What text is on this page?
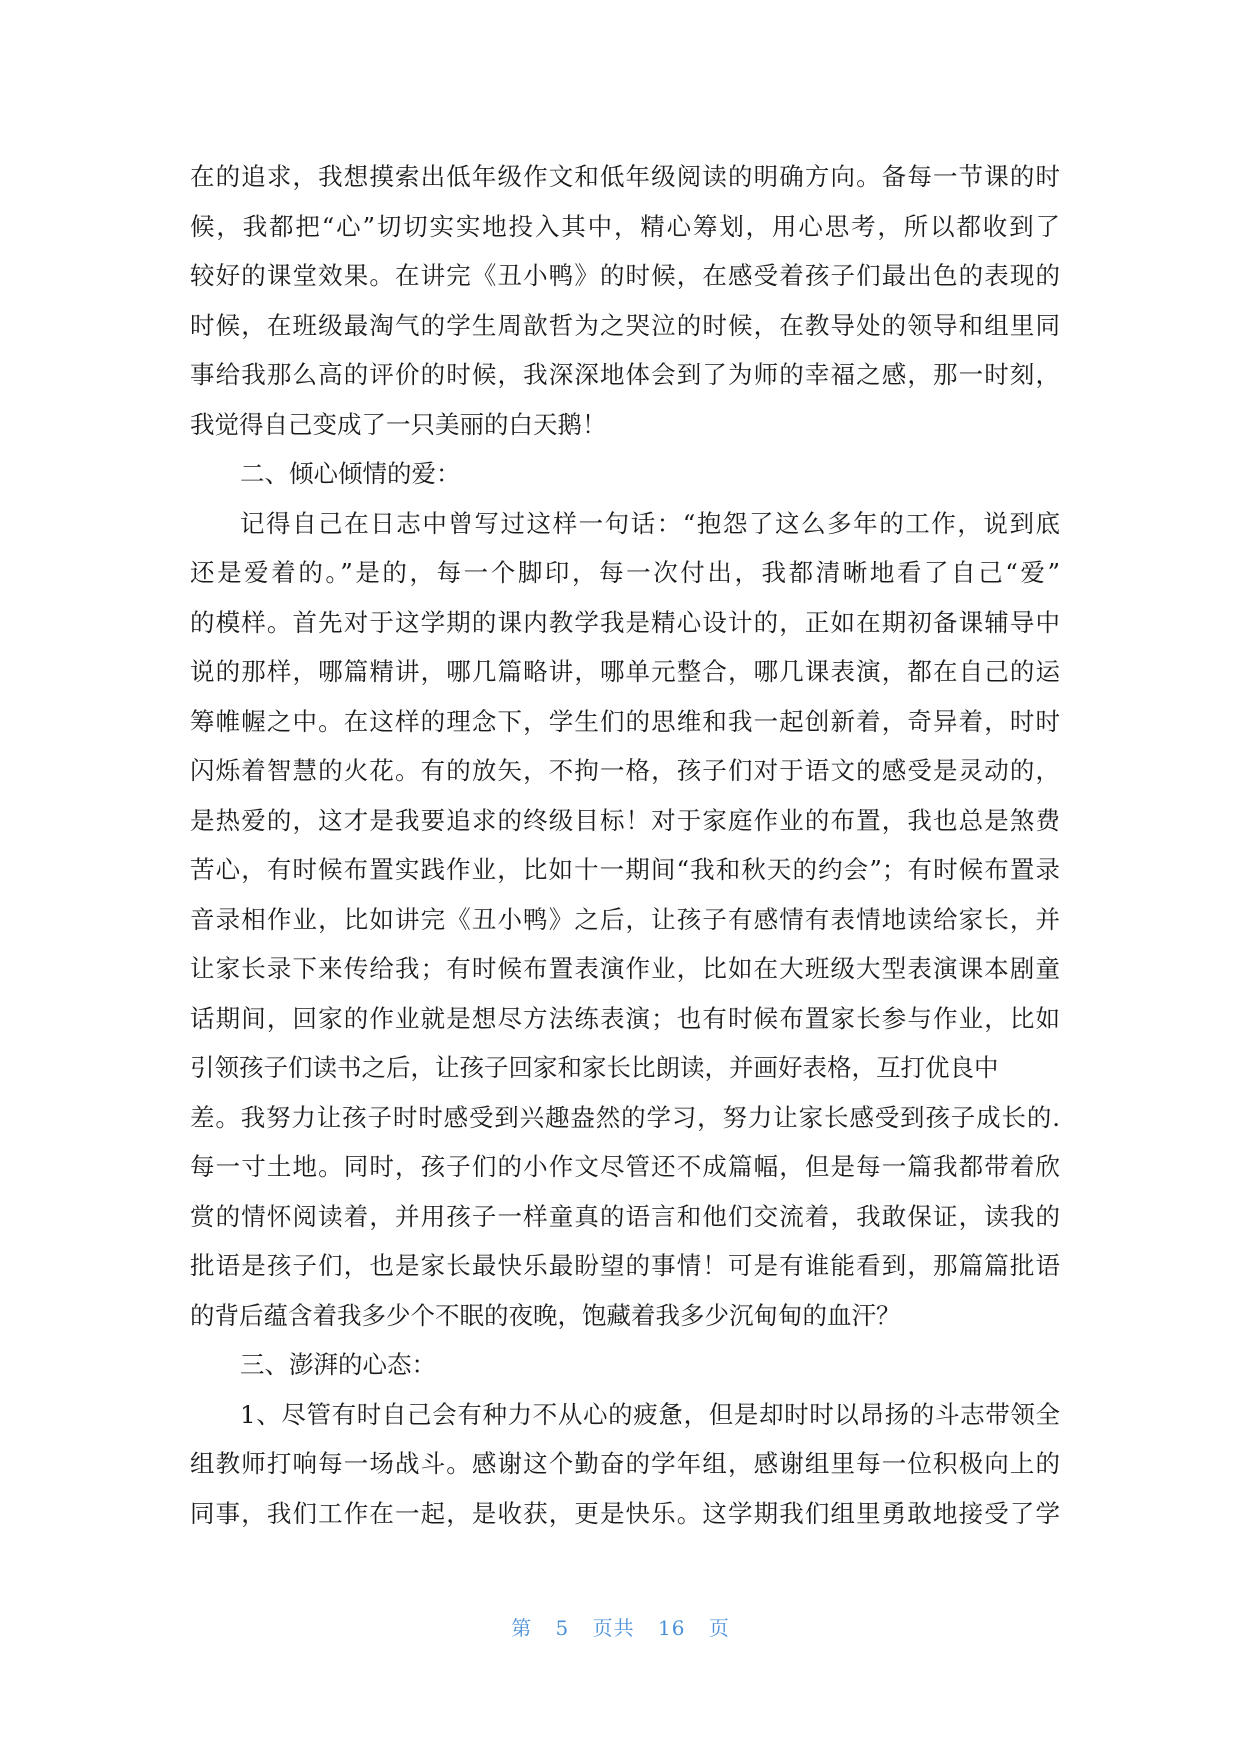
在的追求，我想摸索出低年级作文和低年级阅读的明确方向。备每一节课的时
候，我都把“心”切切实实地投入其中，精心筹划，用心思考，所以都收到了
较好的课堂效果。在讲完《丑小鸭》的时候，在感受着孩子们最出色的表现的
时候，在班级最淘气的学生周歆哲为之哭泣的时候，在教导处的领导和组里同
事给我那么高的评价的时候，我深深地体会到了为师的幸福之感，那一时刻，
我觉得自己变成了一只美丽的白天鹅！
二、倾心倾情的爱：
记得自己在日志中曾写过这样一句话：“抱怨了这么多年的工作，说到底
还是爱着的。”是的，每一个脚印，每一次付出，我都清晰地看了自己“爱”
的模样。首先对于这学期的课内教学我是精心设计的，正如在期初备课辅导中
说的那样，哪篇精讲，哪几篇略讲，哪单元整合，哪几课表演，都在自己的运
筹帷幄之中。在这样的理念下，学生们的思维和我一起创新着，奇异着，时时
闪烁着智慧的火花。有的放矢，不拘一格，孩子们对于语文的感受是灵动的，
是热爱的，这才是我要追求的终级目标！对于家庭作业的布置，我也总是煞费
苦心，有时候布置实践作业，比如十一期间“我和秋天的约会”；有时候布置录
音录相作业，比如讲完《丑小鸭》之后，让孩子有感情有表情地读给家长，并
让家长录下来传给我；有时候布置表演作业，比如在大班级大型表演课本剧童
话期间，回家的作业就是想尽方法练表演；也有时候布置家长参与作业，比如
引领孩子们读书之后，让孩子回家和家长比朗读，并画好表格，互打优良中
差。我努力让孩子时时感受到兴趣盎然的学习，努力让家长感受到孩子成长的.
每一寸土地。同时，孩子们的小作文尽管还不成篇幅，但是每一篇我都带着欣
赏的情怀阅读着，并用孩子一样童真的语言和他们交流着，我敢保证，读我的
批语是孩子们，也是家长最快乐最盼望的事情！可是有谁能看到，那篇篇批语
的背后蕴含着我多少个不眠的夜晚，饱藏着我多少沉甸甸的血汗？
三、澎湃的心态：
1、尽管有时自己会有种力不从心的疲惫，但是却时时以昂扬的斗志带领全
组教师打响每一场战斗。感谢这个勤奋的学年组，感谢组里每一位积极向上的
同事，我们工作在一起，是收获，更是快乐。这学期我们组里勇敢地接受了学
第 5 页共 16 页
